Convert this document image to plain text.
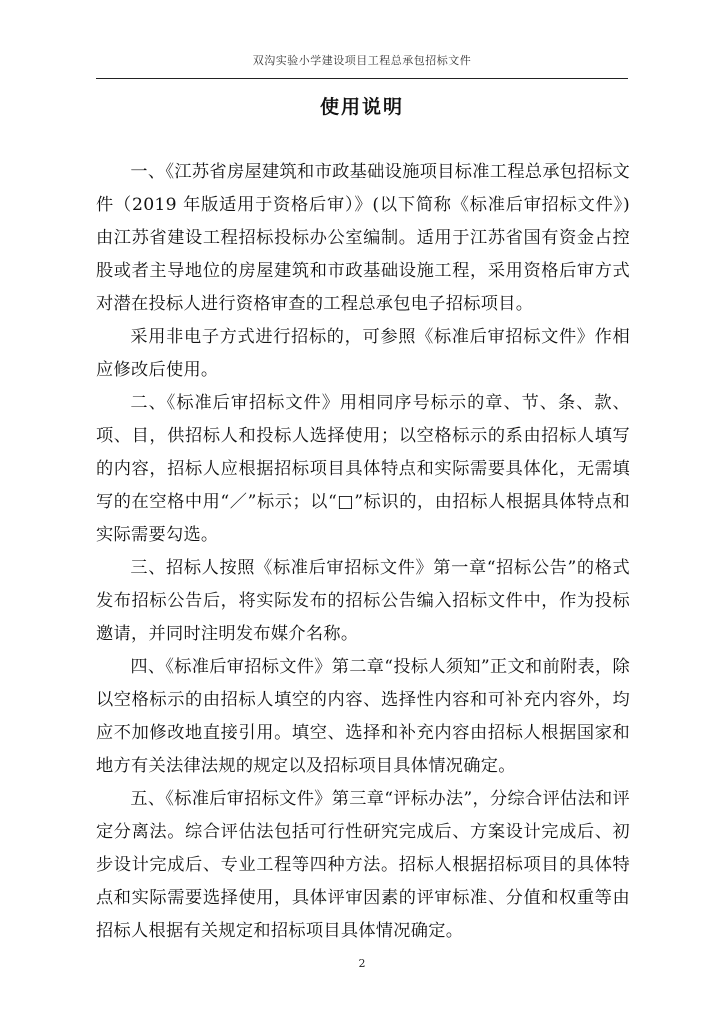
双沟实验小学建设项目工程总承包招标文件
使用说明

一、《江苏省房屋建筑和市政基础设施项目标准工程总承包招标文件（2019 年版适用于资格后审）》(以下简称《标准后审招标文件》)由江苏省建设工程招标投标办公室编制。适用于江苏省国有资金占控股或者主导地位的房屋建筑和市政基础设施工程，采用资格后审方式对潜在投标人进行资格审查的工程总承包电子招标项目。

采用非电子方式进行招标的，可参照《标准后审招标文件》作相应修改后使用。

二、《标准后审招标文件》用相同序号标示的章、节、条、款、项、目，供招标人和投标人选择使用；以空格标示的系由招标人填写的内容，招标人应根据招标项目具体特点和实际需要具体化，无需填写的在空格中用“／”标示；以“□”标识的，由招标人根据具体特点和实际需要勾选。

三、招标人按照《标准后审招标文件》第一章“招标公告”的格式发布招标公告后，将实际发布的招标公告编入招标文件中，作为投标邀请，并同时注明发布媒介名称。

四、《标准后审招标文件》第二章“投标人须知”正文和前附表，除以空格标示的由招标人填空的内容、选择性内容和可补充内容外，均应不加修改地直接引用。填空、选择和补充内容由招标人根据国家和地方有关法律法规的规定以及招标项目具体情况确定。

五、《标准后审招标文件》第三章“评标办法”，分综合评估法和评定分离法。综合评估法包括可行性研究完成后、方案设计完成后、初步设计完成后、专业工程等四种方法。招标人根据招标项目的具体特点和实际需要选择使用，具体评审因素的评审标准、分值和权重等由招标人根据有关规定和招标项目具体情况确定。

2
